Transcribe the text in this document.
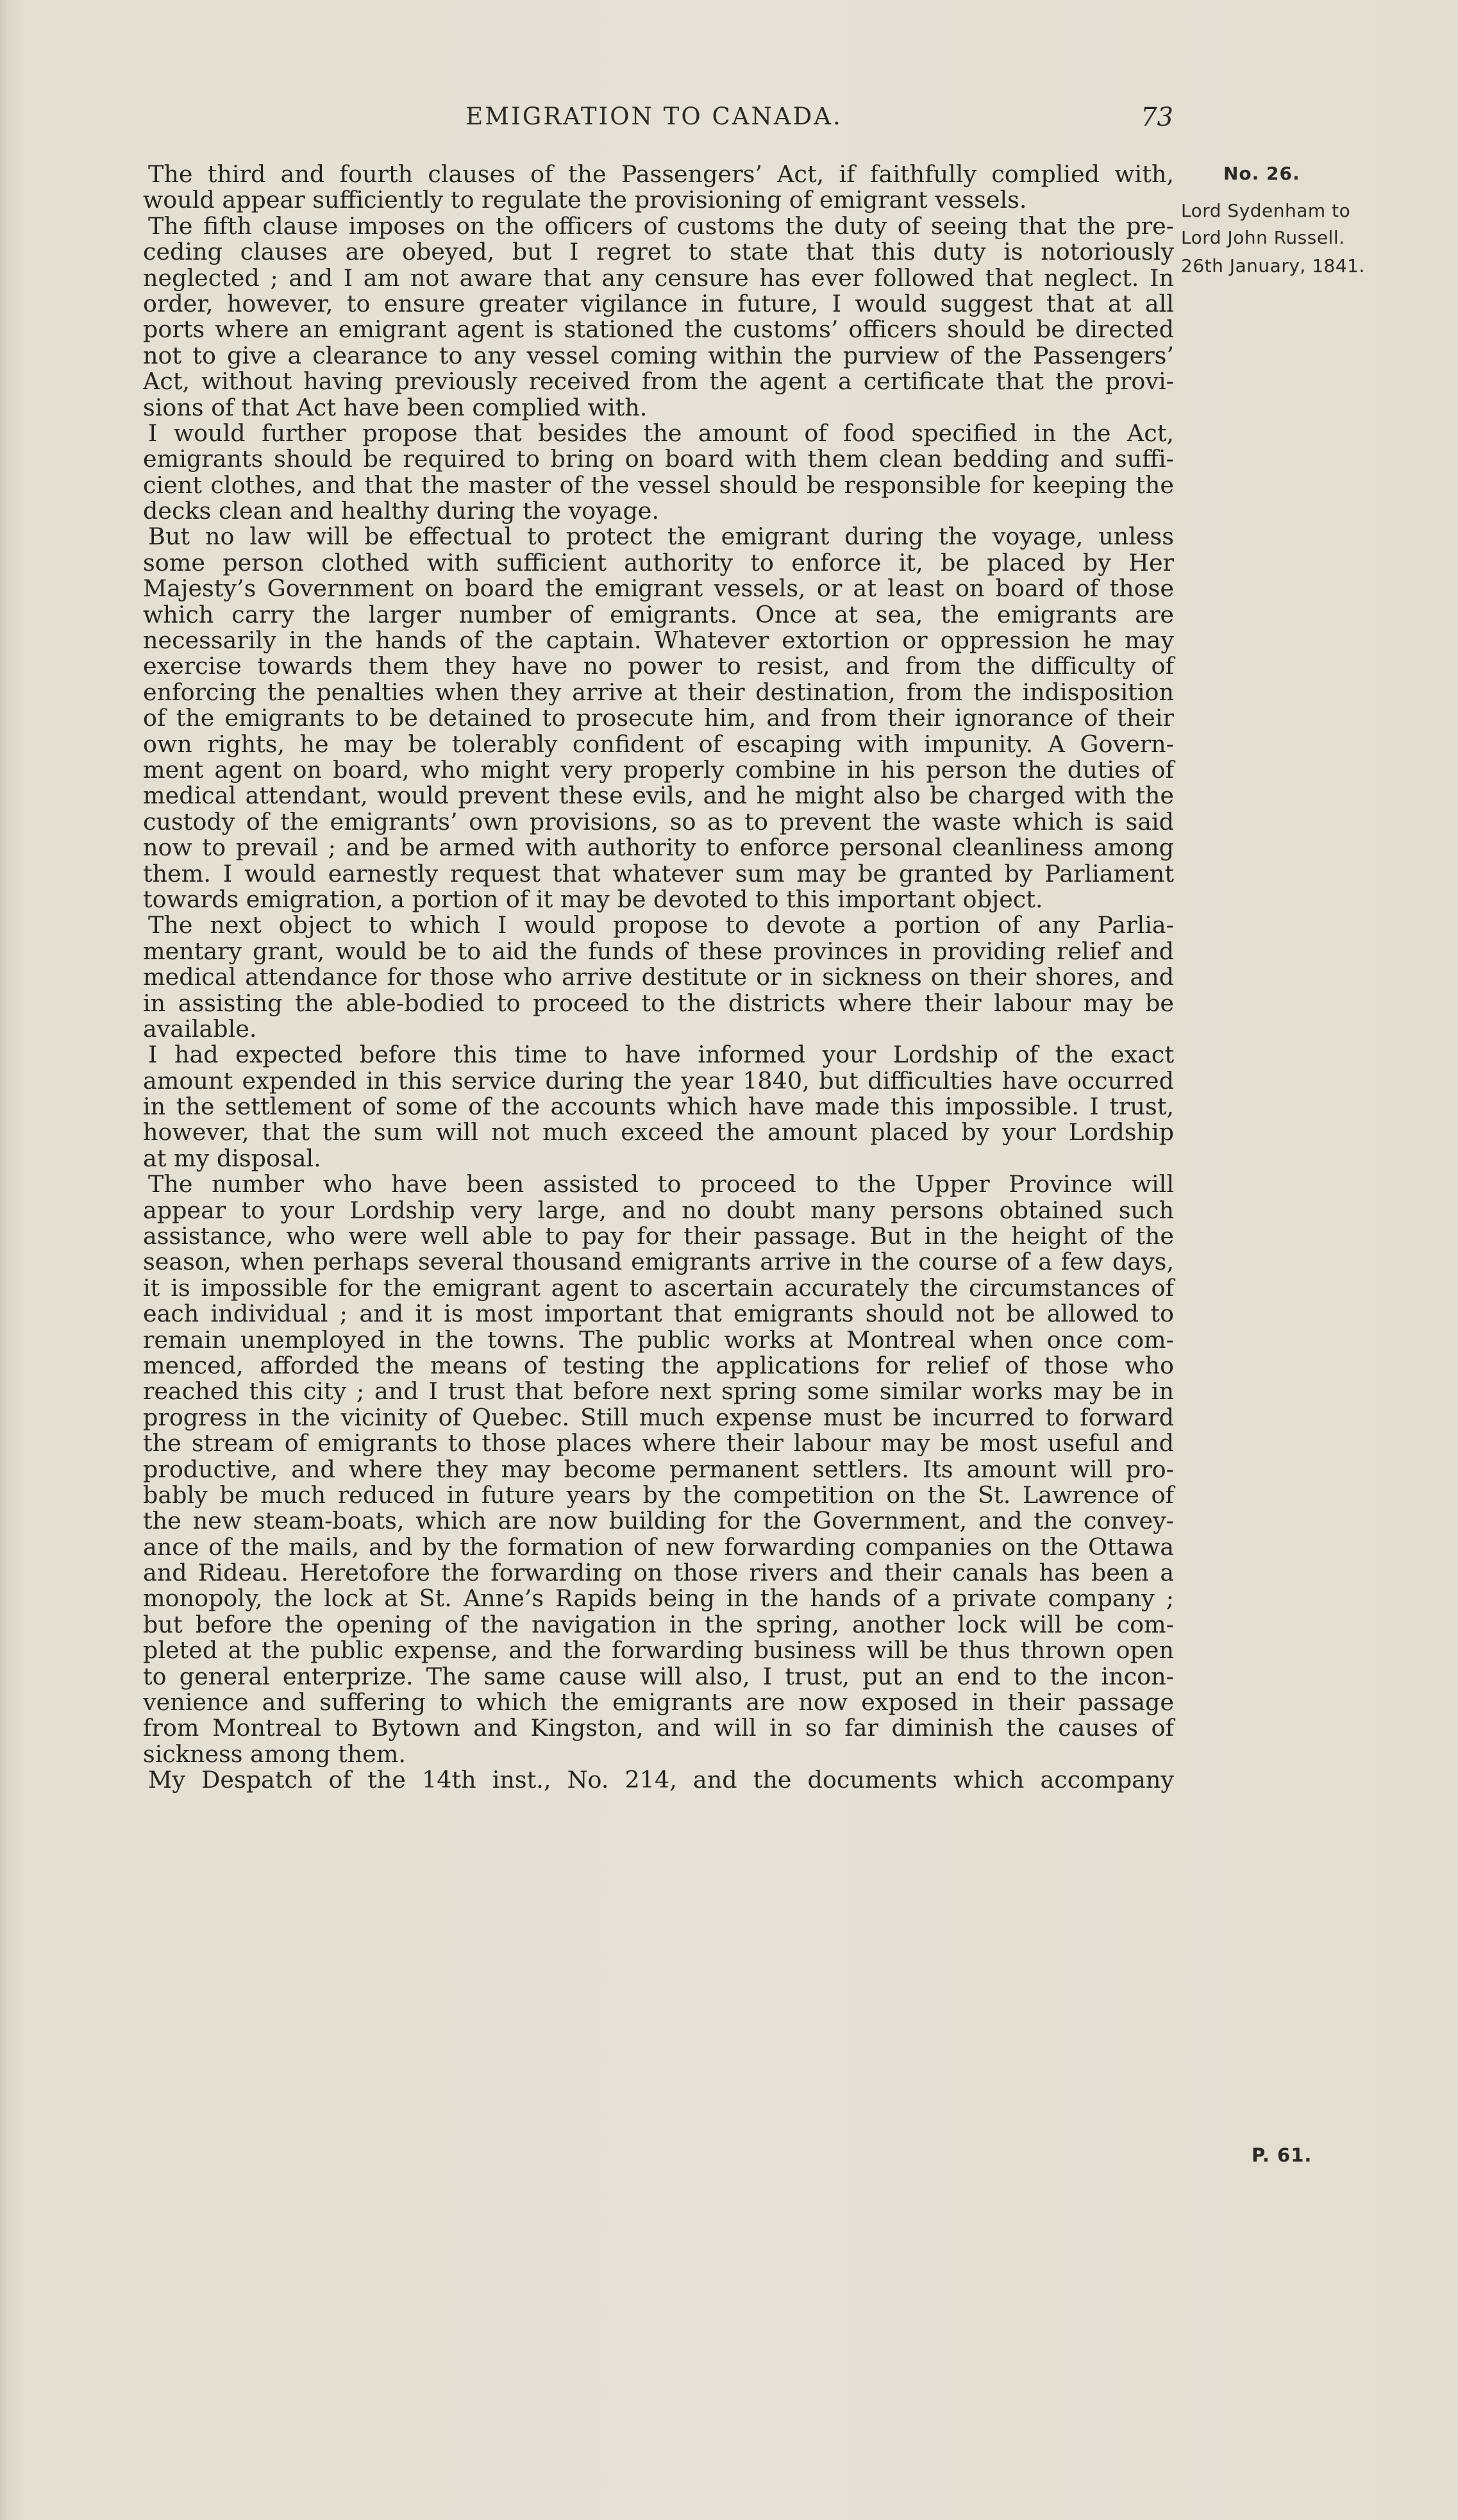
EMIGRATION TO CANADA.	73
The third and fourth clauses of the Passengers’ Act, if faithfully complied with,
would appear sufficiently to regulate the provisioning of emigrant vessels.
The fifth clause imposes on the officers of customs the duty of seeing that the pre-
ceding clauses are obeyed, but I regret to state that this duty is notoriously
neglected ; and I am not aware that any censure has ever followed that neglect. In
order, however, to ensure greater vigilance in future, I would suggest that at all
ports where an emigrant agent is stationed the customs’ officers should be directed
not to give a clearance to any vessel coming within the purview of the Passengers’
Act, without having previously received from the agent a certificate that the provi-
sions of that Act have been complied with.
I would further propose that besides the amount of food specified in the Act,
emigrants should be required to bring on board with them clean bedding and suffi-
cient clothes, and that the master of the vessel should be responsible for keeping the
decks clean and healthy during the voyage.
But no law will be effectual to protect the emigrant during the voyage, unless
some person clothed with sufficient authority to enforce it, be placed by Her
Majesty’s Government on board the emigrant vessels, or at least on board of those
which carry the larger number of emigrants. Once at sea, the emigrants are
necessarily in the hands of the captain. Whatever extortion or oppression he may
exercise towards them they have no power to resist, and from the difficulty of
enforcing the penalties when they arrive at their destination, from the indisposition
of the emigrants to be detained to prosecute him, and from their ignorance of their
own rights, he may be tolerably confident of escaping with impunity. A Govern-
ment agent on board, who might very properly combine in his person the duties of
medical attendant, would prevent these evils, and he might also be charged with the
custody of the emigrants’ own provisions, so as to prevent the waste which is said
now to prevail ; and be armed with authority to enforce personal cleanliness among
them. I would earnestly request that whatever sum may be granted by Parliament
towards emigration, a portion of it may be devoted to this important object.
The next object to which I would propose to devote a portion of any Parlia-
mentary grant, would be to aid the funds of these provinces in providing relief and
medical attendance for those who arrive destitute or in sickness on their shores, and
in assisting the able-bodied to proceed to the districts where their labour may be
available.
I had expected before this time to have informed your Lordship of the exact
amount expended in this service during the year 1840, but difficulties have occurred
in the settlement of some of the accounts which have made this impossible. I trust,
however, that the sum will not much exceed the amount placed by your Lordship
at my disposal.
The number who have been assisted to proceed to the Upper Province will
appear to your Lordship very large, and no doubt many persons obtained such
assistance, who were well able to pay for their passage. But in the height of the
season, when perhaps several thousand emigrants arrive in the course of a few days,
it is impossible for the emigrant agent to ascertain accurately the circumstances of
each individual ; and it is most important that emigrants should not be allowed to
remain unemployed in the towns. The public works at Montreal when once com-
menced, afforded the means of testing the applications for relief of those who
reached this city ; and I trust that before next spring some similar works may be in
progress in the vicinity of Quebec. Still much expense must be incurred to forward
the stream of emigrants to those places where their labour may be most useful and
productive, and where they may become permanent settlers. Its amount will pro-
bably be much reduced in future years by the competition on the St. Lawrence of
the new steam-boats, which are now building for the Government, and the convey-
ance of the mails, and by the formation of new forwarding companies on the Ottawa
and Rideau. Heretofore the forwarding on those rivers and their canals has been a
monopoly, the lock at St. Anne’s Rapids being in the hands of a private company ;
but before the opening of the navigation in the spring, another lock will be com-
pleted at the public expense, and the forwarding business will be thus thrown open
to general enterprize. The same cause will also, I trust, put an end to the incon-
venience and suffering to which the emigrants are now exposed in their passage
from Montreal to Bytown and Kingston, and will in so far diminish the causes of
sickness among them.
My Despatch of the 14th inst., No. 214, and the documents which accompany
No. 26.
Lord Sydenham to
Lord John Russell.
26th January, 1841.
P. 61.
